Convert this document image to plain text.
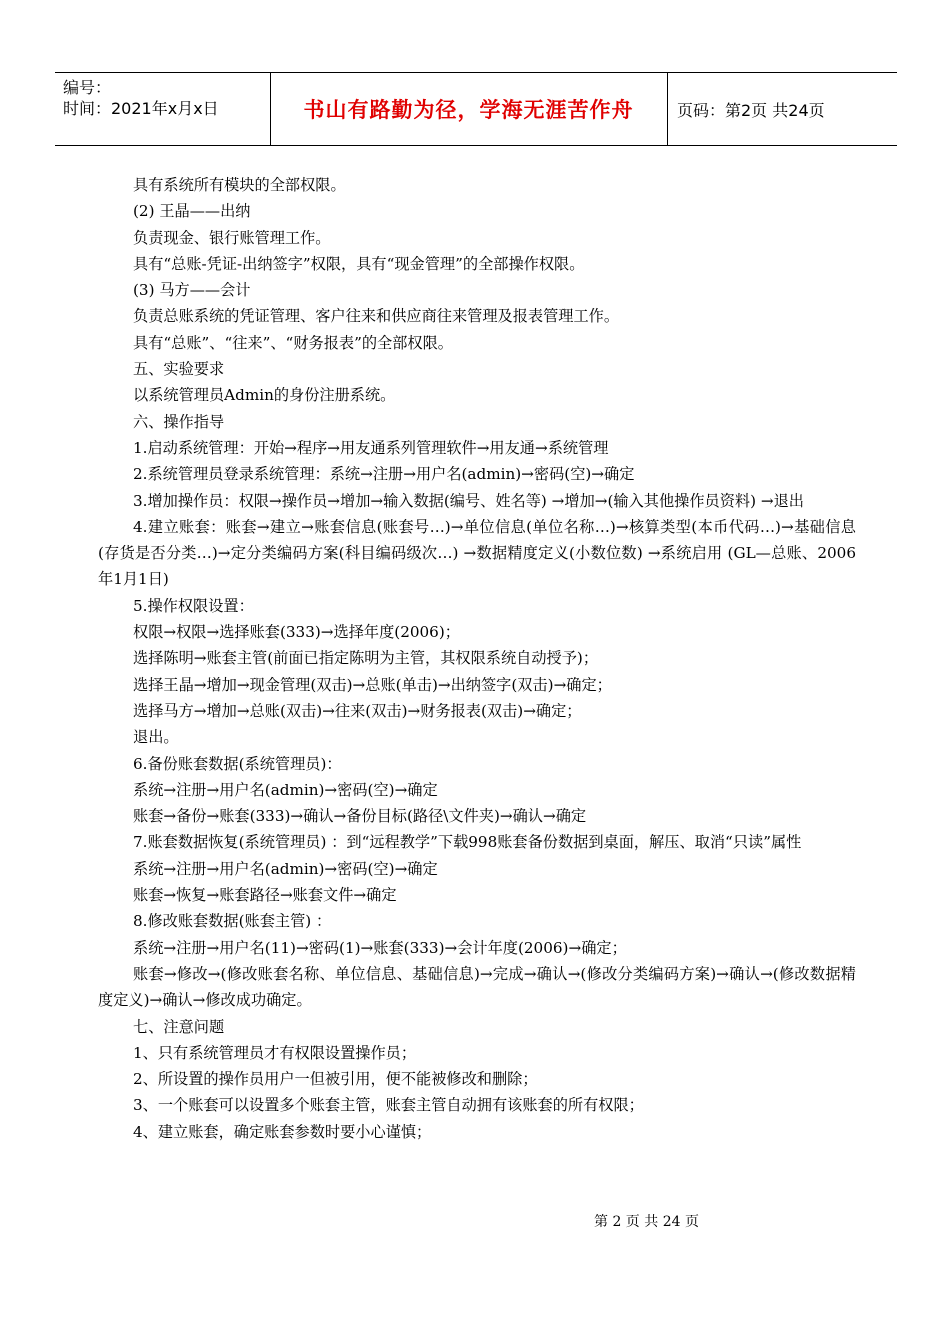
编号：
时间：2021年x月x日	书山有路勤为径，学海无涯苦作舟	页码：第2页 共24页

具有系统所有模块的全部权限。

(2) 王晶——出纳

负责现金、银行账管理工作。

具有“总账-凭证-出纳签字”权限，具有“现金管理”的全部操作权限。

(3) 马方——会计

负责总账系统的凭证管理、客户往来和供应商往来管理及报表管理工作。

具有“总账”、“往来”、“财务报表”的全部权限。

五、实验要求

以系统管理员Admin的身份注册系统。

六、操作指导

1.启动系统管理：开始→程序→用友通系列管理软件→用友通→系统管理

2.系统管理员登录系统管理：系统→注册→用户名(admin)→密码(空)→确定

3.增加操作员：权限→操作员→增加→输入数据(编号、姓名等) →增加→(输入其他操作员资料) →退出

4.建立账套：账套→建立→账套信息(账套号…)→单位信息(单位名称…)→核算类型(本币代码…)→基础信息(存货是否分类…)→定分类编码方案(科目编码级次…) →数据精度定义(小数位数) →系统启用 (GL—总账、2006年1月1日)

5.操作权限设置：

权限→权限→选择账套(333)→选择年度(2006)；

选择陈明→账套主管(前面已指定陈明为主管，其权限系统自动授予)；

选择王晶→增加→现金管理(双击)→总账(单击)→出纳签字(双击)→确定；

选择马方→增加→总账(双击)→往来(双击)→财务报表(双击)→确定；

退出。

6.备份账套数据(系统管理员)：

系统→注册→用户名(admin)→密码(空)→确定

账套→备份→账套(333)→确认→备份目标(路径\文件夹)→确认→确定

7.账套数据恢复(系统管理员) ：到“远程教学”下载998账套备份数据到桌面，解压、取消“只读”属性

系统→注册→用户名(admin)→密码(空)→确定

账套→恢复→账套路径→账套文件→确定

8.修改账套数据(账套主管) ：

系统→注册→用户名(11)→密码(1)→账套(333)→会计年度(2006)→确定；

账套→修改→(修改账套名称、单位信息、基础信息)→完成→确认→(修改分类编码方案)→确认→(修改数据精度定义)→确认→修改成功确定。

七、注意问题

1、只有系统管理员才有权限设置操作员；

2、所设置的操作员用户一但被引用，便不能被修改和删除；

3、一个账套可以设置多个账套主管，账套主管自动拥有该账套的所有权限；

4、建立账套，确定账套参数时要小心谨慎；

第 2 页 共 24 页
